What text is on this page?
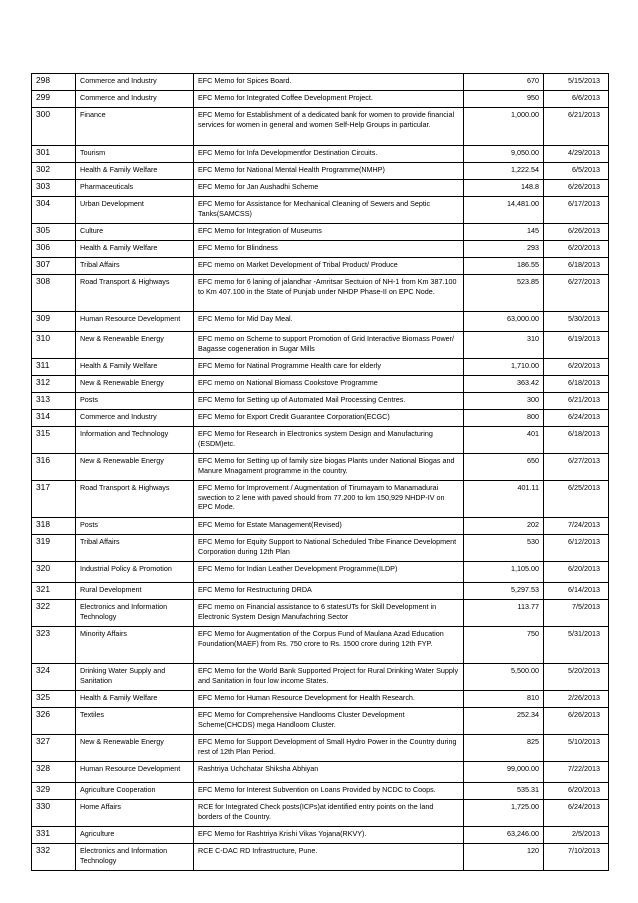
298	Commerce and Industry	EFC Memo for Spices Board.	670	5/15/2013
299	Commerce and Industry	EFC Memo for Integrated Coffee Development Project.	950	6/6/2013
300	Finance	EFC Memo for Establishment of a dedicated bank for women to provide financial services for women in general and women Self-Help Groups in particular.	1,000.00	6/21/2013
301	Tourism	EFC Memo for Infa Developmentfor Destination Circuits.	9,050.00	4/29/2013
302	Health & Family Welfare	EFC Memo for National Mental Health Programme(NMHP)	1,222.54	6/5/2013
303	Pharmaceuticals	EFC Memo for Jan Aushadhi Scheme	148.8	6/26/2013
304	Urban Development	EFC Memo for Assistance for Mechanical Cleaning of Sewers and Septic Tanks(SAMCSS)	14,481.00	6/17/2013
305	Culture	EFC Memo for Integration of Museums	145	6/26/2013
306	Health & Family Welfare	EFC Memo for Blindness	293	6/20/2013
307	Tribal Affairs	EFC memo on Market Development of Tribal Product/ Produce	186.55	6/18/2013
308	Road Transport & Highways	EFC memo for 6 laning of jalandhar -Amritsar Sectuion of NH-1 from Km 387.100 to Km 407.100 in the State of Punjab under NHDP Phase-II on EPC Node.	523.85	6/27/2013
309	Human Resource Development	EFC Memo for Mid Day Meal.	63,000.00	5/30/2013
310	New & Renewable Energy	EFC memo on Scheme to support Promotion of Grid Interactive Biomass Power/ Bagasse cogeneration in Sugar Mills	310	6/19/2013
311	Health & Family Welfare	EFC Memo for Natinal Programme Health care for elderly	1,710.00	6/20/2013
312	New & Renewable Energy	EFC memo on National Biomass Cookstove Programme	363.42	6/18/2013
313	Posts	EFC Memo for Setting up of Automated Mail Processing Centres.	300	6/21/2013
314	Commerce and Industry	EFC Memo for Export Credit Guarantee Corporation(ECGC)	800	6/24/2013
315	Information and Technology	EFC Memo for Research in Electronics system Design and Manufacturing (ESDM)etc.	401	6/18/2013
316	New & Renewable Energy	EFC Memo for Setting up of family size biogas Plants under National Biogas and Manure Mnagament programme in the country.	650	6/27/2013
317	Road Transport & Highways	EFC Memo for Improvement / Augmentation of Tirumayam to Manamadurai swection to 2 lene with paved should from 77.200 to km 150,929 NHDP-IV on EPC Mode.	401.11	6/25/2013
318	Posts	EFC Memo for Estate Management(Revised)	202	7/24/2013
319	Tribal Affairs	EFC Memo for Equity Support to National Scheduled Tribe Finance Development Corporation during 12th Plan	530	6/12/2013
320	Industrial Policy & Promotion	EFC Memo for Indian Leather Development Programme(ILDP)	1,105.00	6/20/2013
321	Rural Development	EFC Memo for Restructuring DRDA	5,297.53	6/14/2013
322	Electronics and Information Technology	EFC memo on Financial assistance to 6 statesUTs for Skill Development in Electronic System Design Manufachring Sector	113.77	7/5/2013
323	Minority Affairs	EFC Memo for Augmentation of the Corpus Fund of Maulana Azad Education Foundation(MAEF) from Rs. 750 crore to Rs. 1500 crore during 12th FYP.	750	5/31/2013
324	Drinking Water Supply and Sanitation	EFC Memo for the World Bank Supported Project for Rural Drinking Water Supply and Sanitation in four low income States.	5,500.00	5/20/2013
325	Health & Family Welfare	EFC Memo for Human Resource Development for Health Research.	810	2/26/2013
326	Textiles	EFC Memo for Comprehensive Handlooms Cluster Development Scheme(CHCDS) mega Handloom Cluster.	252.34	6/26/2013
327	New & Renewable Energy	EFC Memo for Support Development of Small Hydro Power in the Country during rest of 12th Plan Period.	825	5/10/2013
328	Human Resource Development	Rashtriya Uchchatar Shiksha Abhiyan	99,000.00	7/22/2013
329	Agriculture Cooperation	EFC Memo for Interest Subvention on Loans Provided by NCDC to Coops.	535.31	6/20/2013
330	Home Affairs	RCE for Integrated Check posts(ICPs)at identified entry points on the land borders of the Country.	1,725.00	6/24/2013
331	Agriculture	EFC Memo for Rashtriya Krishi Vikas Yojana(RKVY).	63,246.00	2/5/2013
332	Electronics and Information Technology	RCE C-DAC RD Infrastructure, Pune.	120	7/10/2013
